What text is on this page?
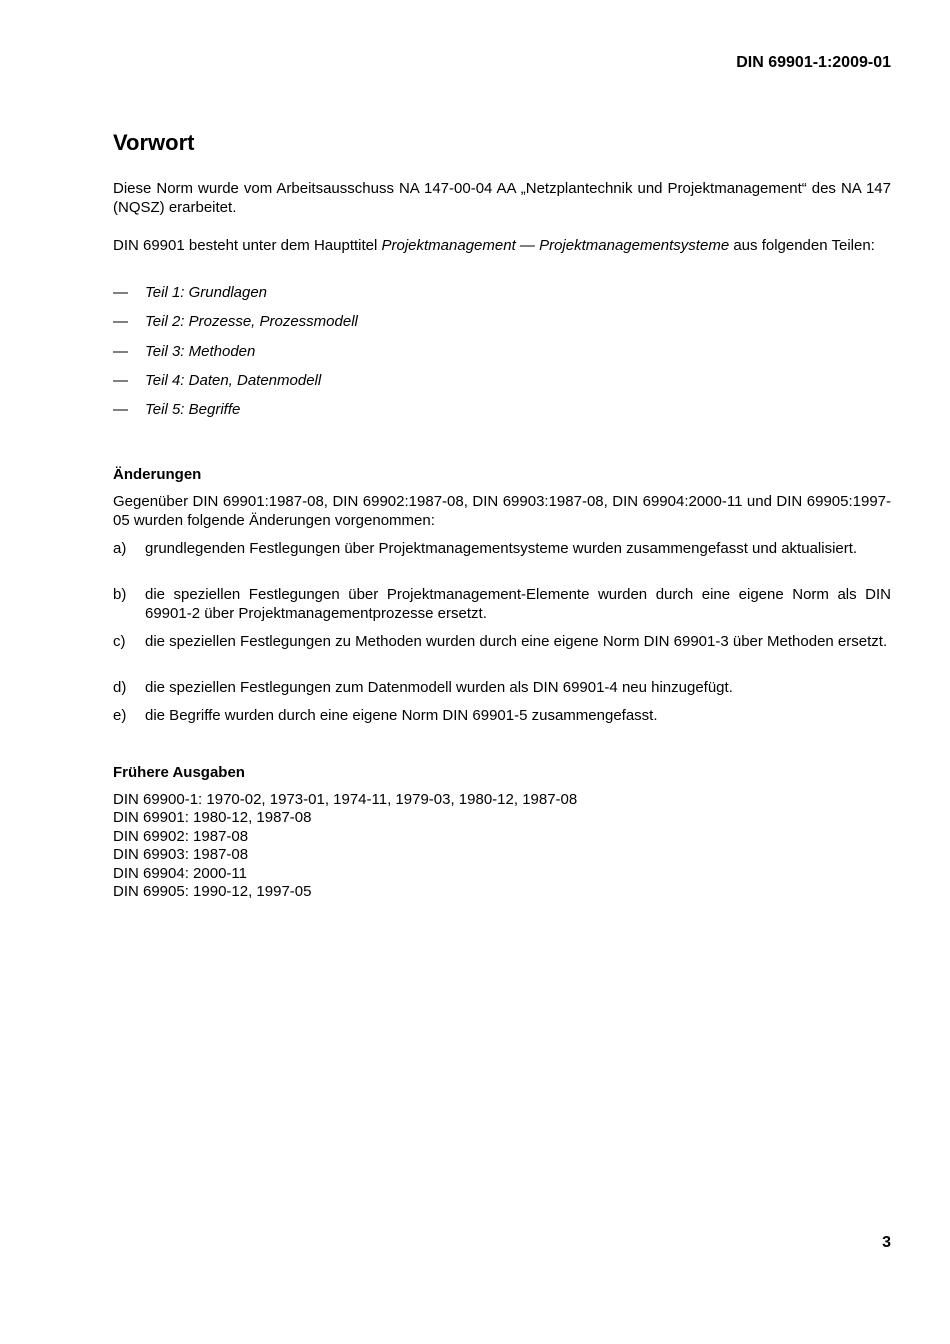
DIN 69901-1:2009-01
Vorwort

Diese Norm wurde vom Arbeitsausschuss NA 147-00-04 AA „Netzplantechnik und Projektmanagement“ des NA 147 (NQSZ) erarbeitet.

DIN 69901 besteht unter dem Haupttitel Projektmanagement — Projektmanagementsysteme aus folgenden Teilen:

—	Teil 1: Grundlagen
—	Teil 2: Prozesse, Prozessmodell
—	Teil 3: Methoden
—	Teil 4: Daten, Datenmodell
—	Teil 5: Begriffe
Änderungen

Gegenüber DIN 69901:1987-08, DIN 69902:1987-08, DIN 69903:1987-08, DIN 69904:2000-11 und DIN 69905:1997-05 wurden folgende Änderungen vorgenommen:

a) grundlegenden Festlegungen über Projektmanagementsysteme wurden zusammengefasst und aktualisiert.
b) die speziellen Festlegungen über Projektmanagement-Elemente wurden durch eine eigene Norm als DIN 69901-2 über Projektmanagementprozesse ersetzt.
c) die speziellen Festlegungen zu Methoden wurden durch eine eigene Norm DIN 69901-3 über Methoden ersetzt.
d) die speziellen Festlegungen zum Datenmodell wurden als DIN 69901-4 neu hinzugefügt.
e) die Begriffe wurden durch eine eigene Norm DIN 69901-5 zusammengefasst.
Frühere Ausgaben
DIN 69900-1: 1970-02, 1973-01, 1974-11, 1979-03, 1980-12, 1987-08
DIN 69901: 1980-12, 1987-08
DIN 69902: 1987-08
DIN 69903: 1987-08
DIN 69904: 2000-11
DIN 69905: 1990-12, 1997-05
3
